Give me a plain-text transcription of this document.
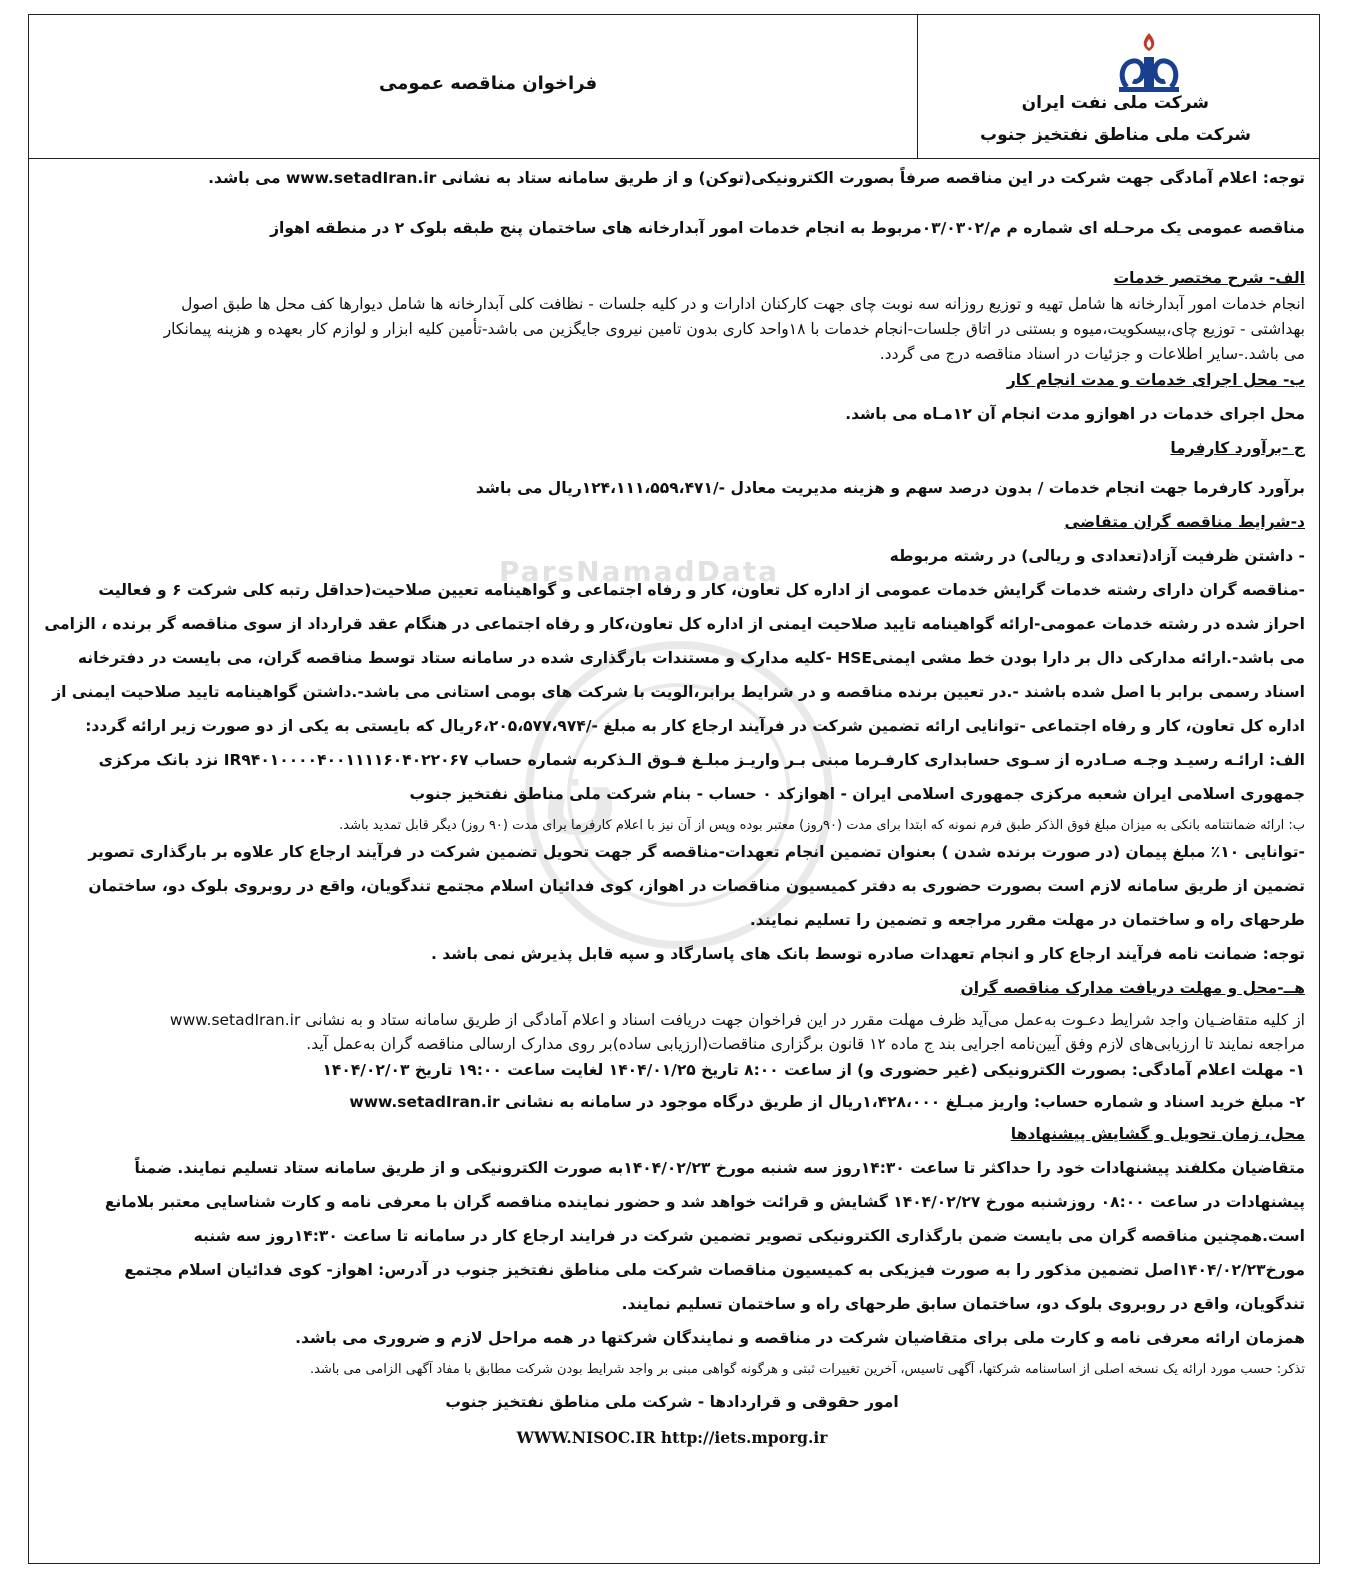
شرکت ملی نفت ایران
شرکت ملی مناطق نفتخیز جنوب
فراخوان مناقصه عمومی
ن
ParsNamadData
توجه: اعلام آمادگی جهت شرکت در این مناقصه صرفاً بصورت الکترونیکی(توکن) و از طریق سامانه ستاد به نشانی www.setadIran.ir می باشد.
مناقصه عمومی یک مرحـله ای شماره م م/۰۳/۰۳۰۲مربوط به انجام خدمات امور آبدارخانه های ساختمان پنج طبقه بلوک ۲ در منطقه اهواز
الف- شرح مختصر خدمات
انجام خدمات امور آبدارخانه ها شامل تهیه و توزیع روزانه سه نوبت چای جهت کارکنان ادارات و در کلیه جلسات - نظافت کلی آبدارخانه ها شامل دیوارها کف محل ها طبق اصول
بهداشتی - توزیع چای،بیسکویت،میوه و بستنی در اتاق جلسات-انجام خدمات با ۱۸واحد کاری بدون تامین نیروی جایگزین می باشد-تأمین کلیه ابزار و لوازم کار بعهده و هزینه پیمانکار
می باشد.-سایر اطلاعات و جزئیات در اسناد مناقصه درج می گردد.
ب- محل اجرای خدمات و مدت انجام کار
محل اجرای خدمات در اهوازو مدت انجام آن ۱۲مـاه می باشد.
ج -برآورد کارفرما
برآورد کارفرما جهت انجام خدمات / بدون درصد سهم و هزینه مدیریت معادل -/۱۲۴،۱۱۱،۵۵۹،۴۷۱ریال می باشد
د-شرایط مناقصه گران متقاضی
- داشتن ظرفیت آزاد(تعدادی و ریالی) در رشته مربوطه
-مناقصه گران دارای رشته خدمات گرایش خدمات عمومی از اداره کل تعاون، کار و رفاه اجتماعی و گواهینامه تعیین صلاحیت(حداقل رتبه کلی شرکت ۶ و فعالیت
احراز شده در رشته خدمات عمومی-ارائه گواهینامه تایید صلاحیت ایمنی از اداره کل تعاون،کار و رفاه اجتماعی در هنگام عقد قرارداد از سوی مناقصه گر برنده ، الزامی
می باشد-.ارائه مدارکی دال بر دارا بودن خط مشی ایمنیHSE -کلیه مدارک و مستندات بارگذاری شده در سامانه ستاد توسط مناقصه گران، می بایست در دفترخانه
اسناد رسمی برابر با اصل شده باشند -.در تعیین برنده مناقصه و در شرایط برابر،الویت با شرکت های بومی استانی می باشد-.داشتن گواهینامه تایید صلاحیت ایمنی از
اداره کل تعاون، کار و رفاه اجتماعی -توانایی ارائه تضمین شرکت در فرآیند ارجاع کار به مبلغ -/۶،۲۰۵،۵۷۷،۹۷۴ریال که بایستی به یکی از دو صورت زیر ارائه گردد:
الف: ارائـه رسیـد وجـه صـادره از سـوی حسابداری کارفـرما مبنی بـر واریـز مبلـغ فـوق الـذکربه شماره حساب IR۹۴۰۱۰۰۰۰۴۰۰۱۱۱۱۶۰۴۰۲۲۰۶۷ نزد بانک مرکزی
جمهوری اسلامی ایران شعبه مرکزی جمهوری اسلامی ایران - اهوازکد ۰ حساب - بنام شرکت ملی مناطق نفتخیز جنوب
ب: ارائه ضمانتنامه بانکی به میزان مبلغ فوق الذکر طبق فرم نمونه که ابتدا برای مدت (۹۰روز) معتبر بوده وپس از آن نیز با اعلام کارفرما برای مدت (۹۰ روز) دیگر قابل تمدید باشد.
-توانایی ۱۰٪ مبلغ پیمان (در صورت برنده شدن ) بعنوان تضمین انجام تعهدات-مناقصه گر جهت تحویل تضمین شرکت در فرآیند ارجاع کار علاوه بر بارگذاری تصویر
تضمین از طریق سامانه لازم است بصورت حضوری به دفتر کمیسیون مناقصات در اهواز، کوی فدائیان اسلام مجتمع تندگویان، واقع در روبروی بلوک دو، ساختمان
طرحهای راه و ساختمان در مهلت مقرر مراجعه و تضمین را تسلیم نمایند.
توجه: ضمانت نامه فرآیند ارجاع کار و انجام تعهدات صادره توسط بانک های پاسارگاد و سپه قابل پذیرش نمی باشد .
هــ-محل و مهلت دریافت مدارک مناقصه گران
از کلیه متقاضـیان واجد شرایط دعـوت به‌عمل می‌آید ظرف مهلت مقرر در این فراخوان جهت دریافت اسناد و اعلام آمادگی از طریق سامانه ستاد و به نشانی www.setadIran.ir
مراجعه نمایند تا ارزیابی‌های لازم وفق آیین‌نامه اجرایی بند ج ماده ۱۲ قانون برگزاری مناقصات(ارزیابی ساده)بر روی مدارک ارسالی مناقصه گران به‌عمل آید.
۱- مهلت اعلام آمادگی: بصورت الکترونیکی (غیر حضوری و) از ساعت ۸:۰۰ تاریخ ۱۴۰۴/۰۱/۲۵ لغایت ساعت ۱۹:۰۰ تاریخ ۱۴۰۴/۰۲/۰۳
۲- مبلغ خرید اسناد و شماره حساب: واریز مبـلغ ۱،۴۲۸،۰۰۰ریال از طریق درگاه موجود در سامانه به نشانی www.setadIran.ir
محل، زمان تحویل و گشایش پیشنهادها
متقاضیان مکلفند پیشنهادات خود را حداکثر تا ساعت ۱۴:۳۰روز سه شنبه مورخ ۱۴۰۴/۰۲/۲۳به صورت الکترونیکی و از طریق سامانه ستاد تسلیم نمایند. ضمناً
پیشنهادات در ساعت ۰۸:۰۰ روزشنبه مورخ ۱۴۰۴/۰۲/۲۷ گشایش و قرائت خواهد شد و حضور نماینده مناقصه گران با معرفی نامه و کارت شناسایی معتبر بلامانع
است.همچنین مناقصه گران می بایست ضمن بارگذاری الکترونیکی تصویر تضمین شرکت در فرایند ارجاع کار در سامانه تا ساعت ۱۴:۳۰روز سه شنبه
مورخ۱۴۰۴/۰۲/۲۳اصل تضمین مذکور را به صورت فیزیکی به کمیسیون مناقصات شرکت ملی مناطق نفتخیز جنوب در آدرس: اهواز- کوی فدائیان اسلام مجتمع
تندگویان، واقع در روبروی بلوک دو، ساختمان سابق طرحهای راه و ساختمان تسلیم نمایند.
همزمان ارائه معرفی نامه و کارت ملی برای متقاضیان شرکت در مناقصه و نمایندگان شرکتها در همه مراحل لازم و ضروری می باشد.
تذکر: حسب مورد ارائه یک نسخه اصلی از اساسنامه شرکتها، آگهی تاسیس، آخرین تغییرات ثبتی و هرگونه گواهی مبنی بر واجد شرایط بودن شرکت مطابق با مفاد آگهی الزامی می باشد.
امور حقوقی و قراردادها - شرکت ملی مناطق نفتخیز جنوب
WWW.NISOC.IR http://iets.mporg.ir
